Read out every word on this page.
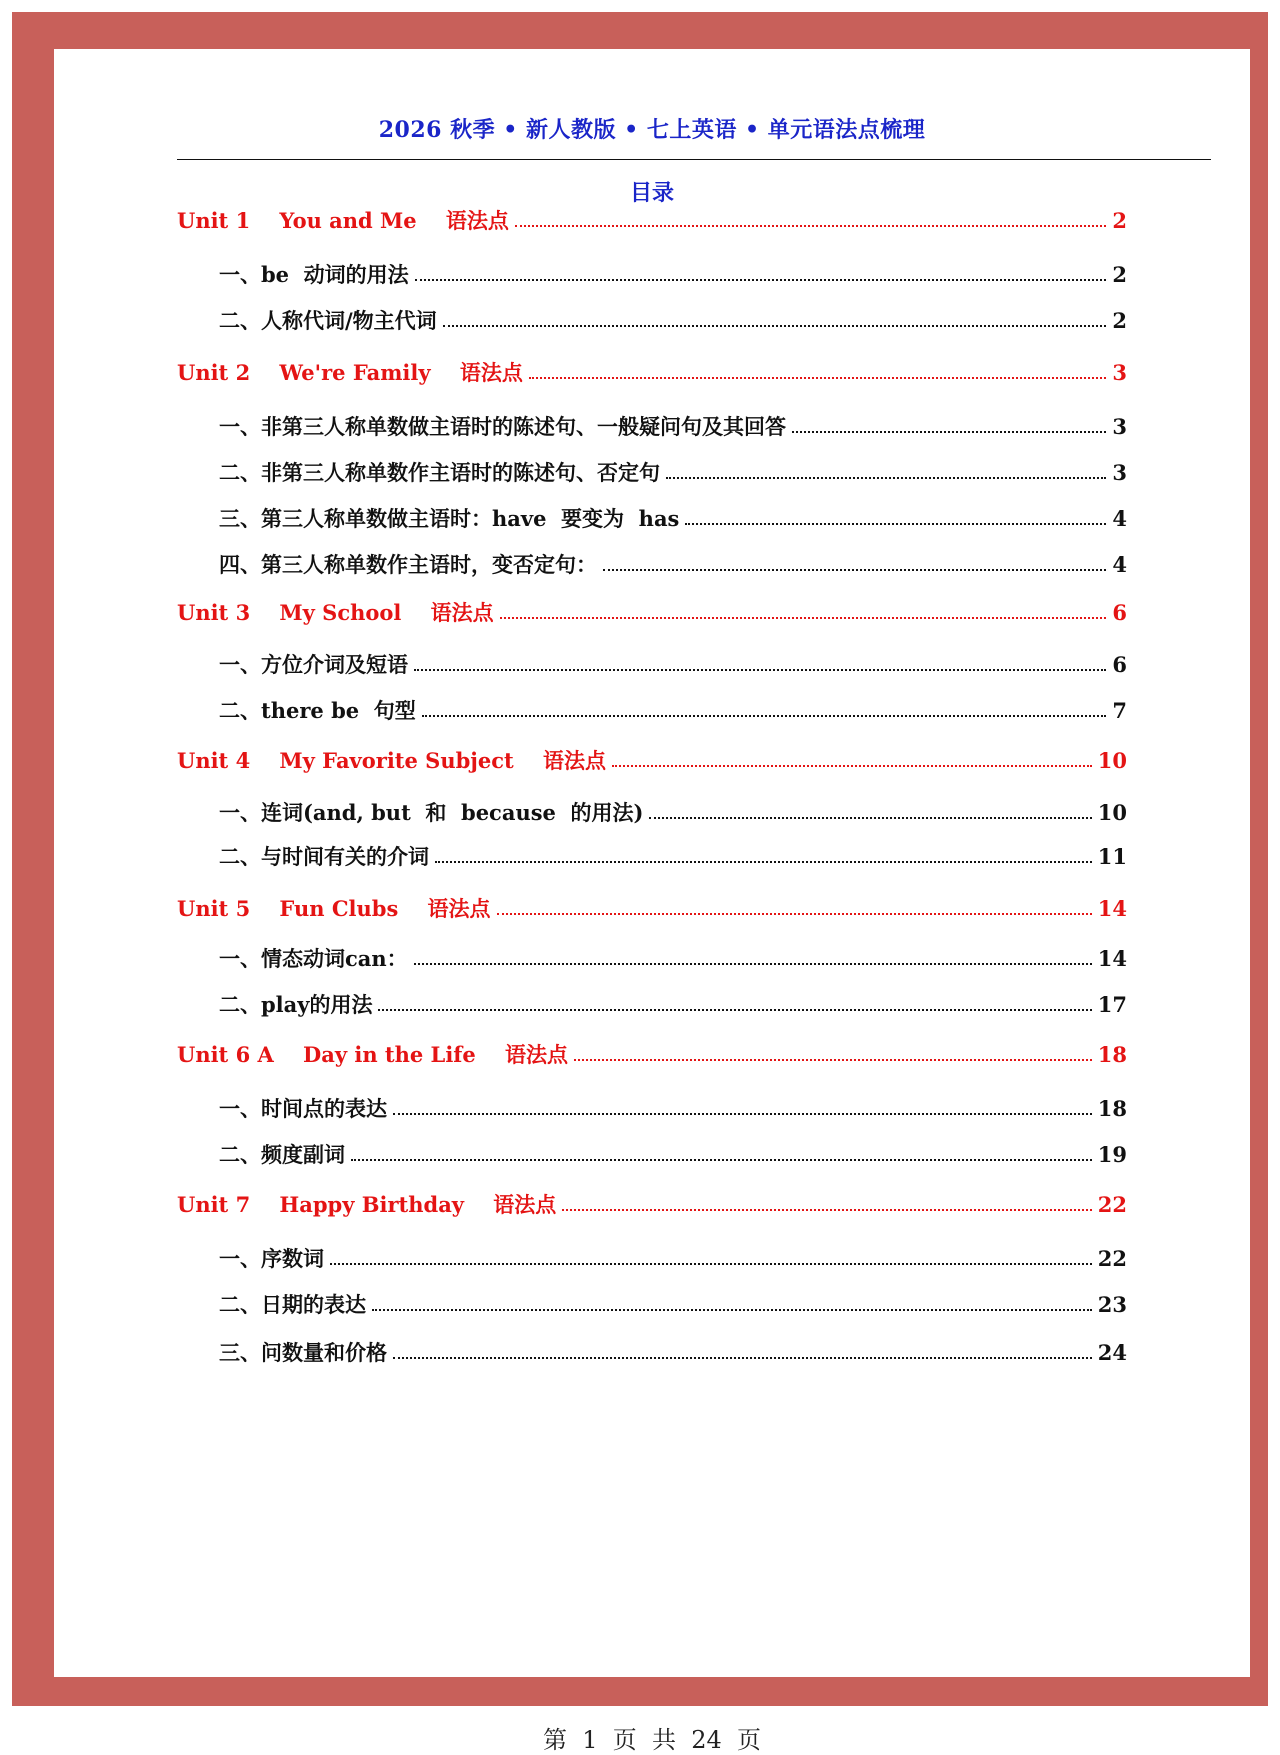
2026 秋季 • 新人教版 • 七上英语 • 单元语法点梳理
目录
Unit 1    You and Me    语法点	2
一、be  动词的用法	2
二、人称代词/物主代词	2
Unit 2    We're Family    语法点	3
一、非第三人称单数做主语时的陈述句、一般疑问句及其回答	3
二、非第三人称单数作主语时的陈述句、否定句	3
三、第三人称单数做主语时：have  要变为  has	4
四、第三人称单数作主语时，变否定句：	4
Unit 3    My School    语法点	6
一、方位介词及短语	6
二、there be  句型	7
Unit 4    My Favorite Subject    语法点	10
一、连词(and, but  和  because  的用法)	10
二、与时间有关的介词	11
Unit 5    Fun Clubs    语法点	14
一、情态动词can：	14
二、play的用法	17
Unit 6 A    Day in the Life    语法点	18
一、时间点的表达	18
二、频度副词	19
Unit 7    Happy Birthday    语法点	22
一、序数词	22
二、日期的表达	23
三、问数量和价格	24
第  1  页  共  24  页
